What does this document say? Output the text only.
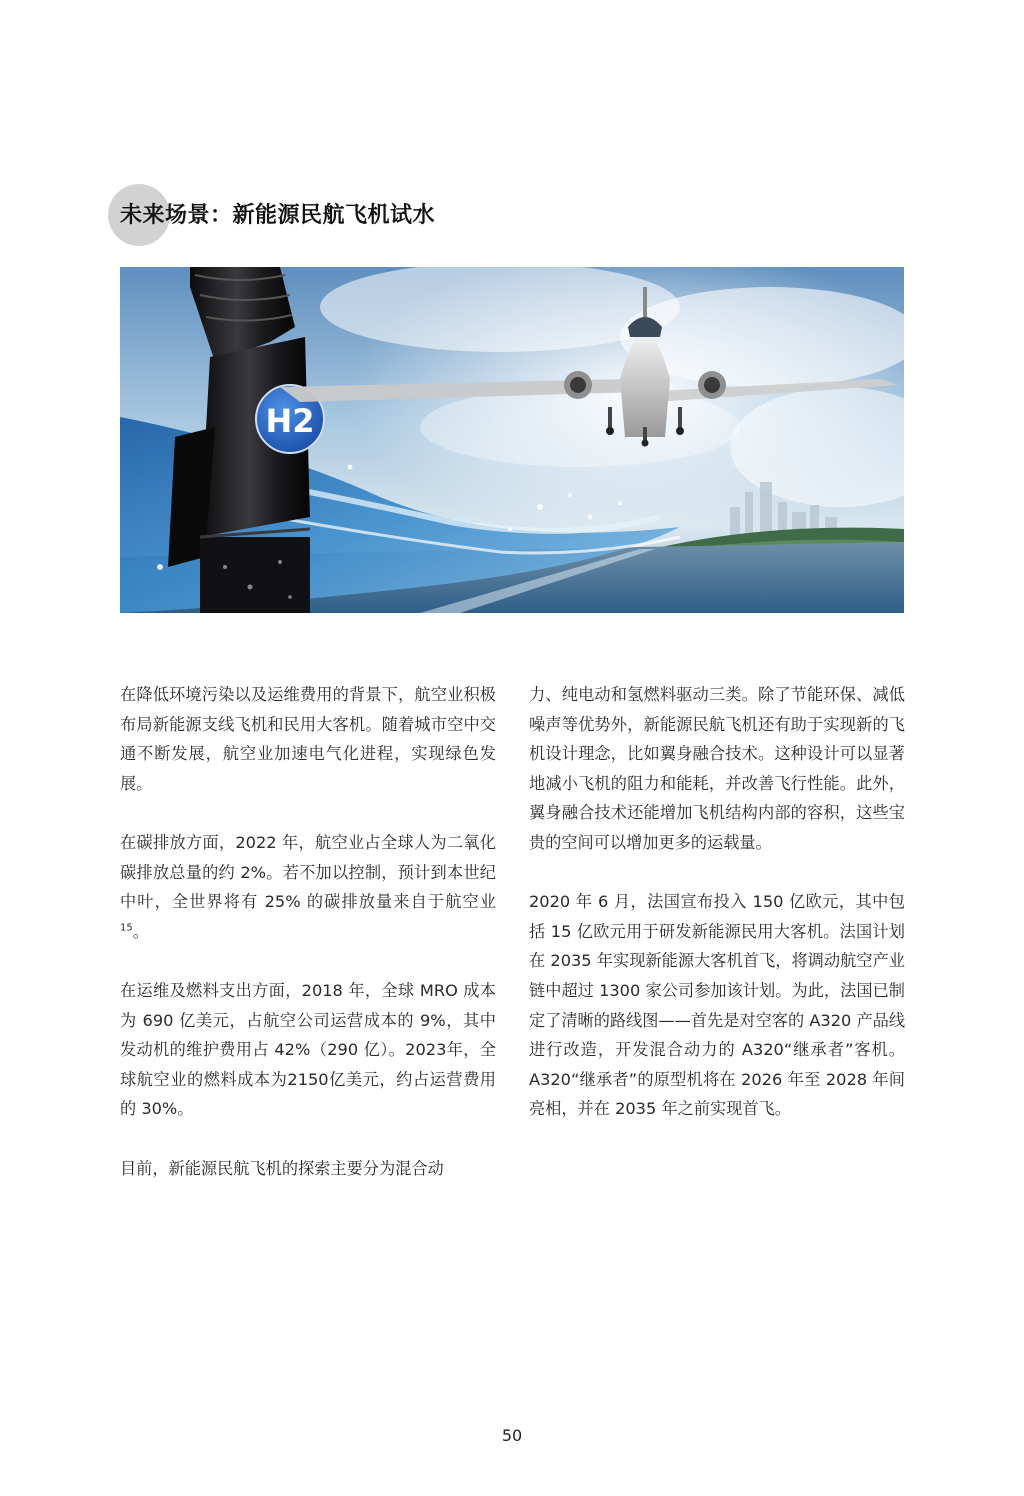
未来场景：新能源民航飞机试水
H2

在降低环境污染以及运维费用的背景下，航空业积极布局新能源支线飞机和民用大客机。随着城市空中交通不断发展，航空业加速电气化进程，实现绿色发展。

在碳排放方面，2022 年，航空业占全球人为二氧化碳排放总量的约 2%。若不加以控制，预计到本世纪中叶，全世界将有 25% 的碳排放量来自于航空业 $^{15}$。

在运维及燃料支出方面，2018 年，全球 MRO 成本为 690 亿美元，占航空公司运营成本的 9%，其中发动机的维护费用占 42%（290 亿）。2023年，全球航空业的燃料成本为2150亿美元，约占运营费用的 30%。

目前，新能源民航飞机的探索主要分为混合动

力、纯电动和氢燃料驱动三类。除了节能环保、减低噪声等优势外，新能源民航飞机还有助于实现新的飞机设计理念，比如翼身融合技术。这种设计可以显著地减小飞机的阻力和能耗，并改善飞行性能。此外，翼身融合技术还能增加飞机结构内部的容积，这些宝贵的空间可以增加更多的运载量。

2020 年 6 月，法国宣布投入 150 亿欧元，其中包括 15 亿欧元用于研发新能源民用大客机。法国计划在 2035 年实现新能源大客机首飞，将调动航空产业链中超过 1300 家公司参加该计划。为此，法国已制定了清晰的路线图——首先是对空客的 A320 产品线进行改造，开发混合动力的 A320“继承者”客机。A320“继承者”的原型机将在 2026 年至 2028 年间亮相，并在 2035 年之前实现首飞。

50
